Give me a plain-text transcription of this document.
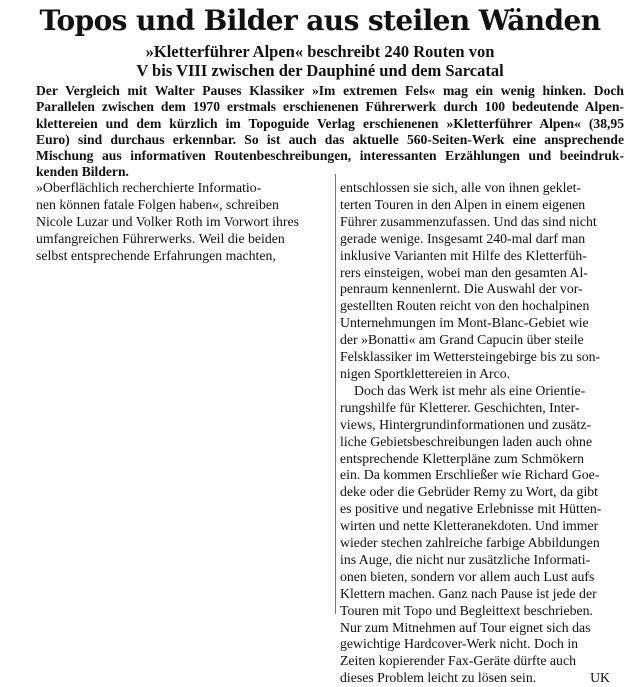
Topos und Bilder aus steilen Wänden
»Kletterführer Alpen« beschreibt 240 Routen von
V bis VIII zwischen der Dauphiné und dem Sarcatal
Der Vergleich mit Walter Pauses Klassiker »Im extremen Fels« mag ein wenig hinken. Doch
Parallelen zwischen dem 1970 erstmals erschienenen Führerwerk durch 100 bedeutende Alpen-
klettereien und dem kürzlich im Topoguide Verlag erschienenen »Kletterführer Alpen« (38,95
Euro) sind durchaus erkennbar. So ist auch das aktuelle 560-Seiten-Werk eine ansprechende
Mischung aus informativen Routenbeschreibungen, interessanten Erzählungen und beeindruk-
kenden Bildern.
»Oberflächlich recherchierte Informatio-
nen können fatale Folgen haben«, schreiben
Nicole Luzar und Volker Roth im Vorwort ihres
umfangreichen Führerwerks. Weil die beiden
selbst entsprechende Erfahrungen machten,
entschlossen sie sich, alle von ihnen geklet-
terten Touren in den Alpen in einem eigenen
Führer zusammenzufassen. Und das sind nicht
gerade wenige. Insgesamt 240-mal darf man
inklusive Varianten mit Hilfe des Kletterfüh-
rers einsteigen, wobei man den gesamten Al-
penraum kennenlernt. Die Auswahl der vor-
gestellten Routen reicht von den hochalpinen
Unternehmungen im Mont-Blanc-Gebiet wie
der »Bonatti« am Grand Capucin über steile
Felsklassiker im Wettersteingebirge bis zu son-
nigen Sportklettereien in Arco.
Doch das Werk ist mehr als eine Orientie-
rungshilfe für Kletterer. Geschichten, Inter-
views, Hintergrundinformationen und zusätz-
liche Gebietsbeschreibungen laden auch ohne
entsprechende Kletterpläne zum Schmökern
ein. Da kommen Erschließer wie Richard Goe-
deke oder die Gebrüder Remy zu Wort, da gibt
es positive und negative Erlebnisse mit Hütten-
wirten und nette Kletteranekdoten. Und immer
wieder stechen zahlreiche farbige Abbildungen
ins Auge, die nicht nur zusätzliche Informati-
onen bieten, sondern vor allem auch Lust aufs
Klettern machen. Ganz nach Pause ist jede der
Touren mit Topo und Begleittext beschrieben.
Nur zum Mitnehmen auf Tour eignet sich das
gewichtige Hardcover-Werk nicht. Doch in
Zeiten kopierender Fax-Geräte dürfte auch
dieses Problem leicht zu lösen sein.	UK
